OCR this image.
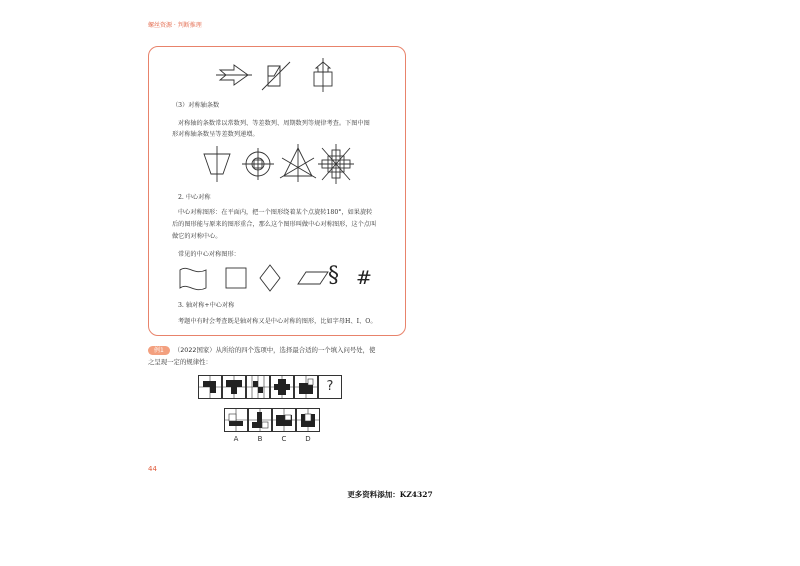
螺丝资源 · 判断推理
（3）对称轴条数
对称轴的条数常以常数列、等差数列、周期数列等规律考查。下图中图
形对称轴条数呈等差数列递增。
2. 中心对称
中心对称图形：在平面内，把一个图形绕着某个点旋转180°，如果旋转
后的图形能与原来的图形重合，那么这个图形叫做中心对称图形，这个点叫
做它的对称中心。
常见的中心对称图形：
§ #
3. 轴对称+中心对称
考题中有时会考查既是轴对称又是中心对称的图形，比如字母H、I、O。
例1 （2022国家）从所给的四个选项中，选择最合适的一个填入问号处，使
之呈现一定的规律性：
?
A	B	C	D
44
更多资料添加：KZ4327
